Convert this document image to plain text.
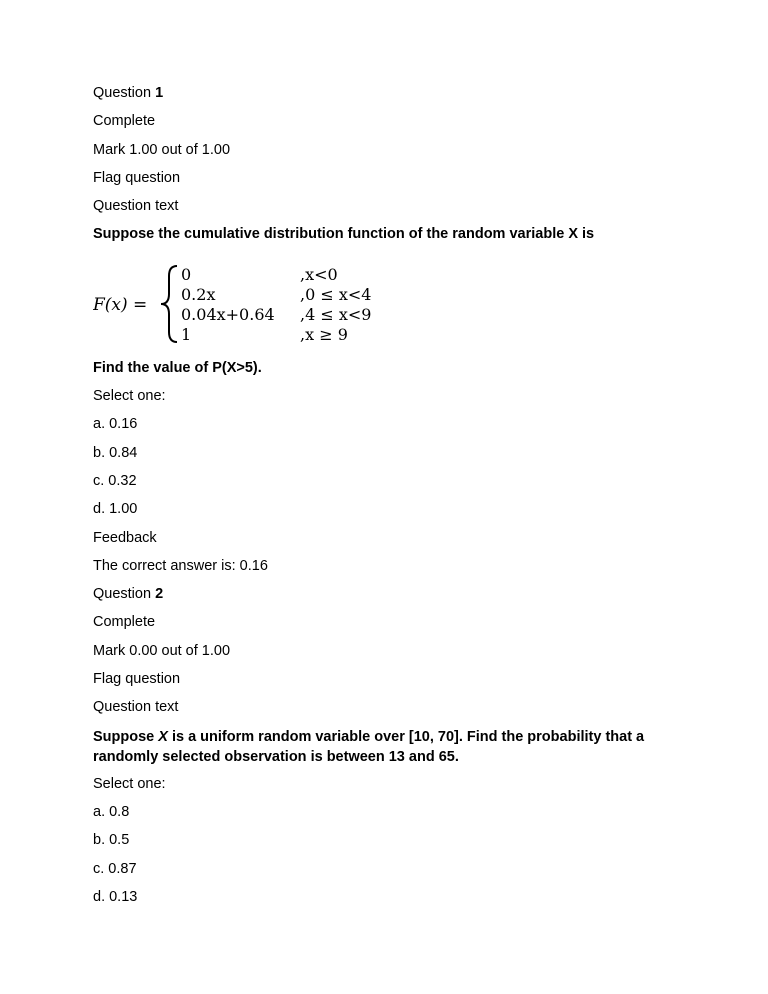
Question 1
Complete
Mark 1.00 out of 1.00
Flag question
Question text
Suppose the cumulative distribution function of the random variable X is
F(x) =
0
0.2x
0.04x+0.64
1
,x<0
,0 ≤ x<4
,4 ≤ x<9
,x ≥ 9
Find the value of P(X>5).
Select one:
a. 0.16
b. 0.84
c. 0.32
d. 1.00
Feedback
The correct answer is: 0.16
Question 2
Complete
Mark 0.00 out of 1.00
Flag question
Question text
Suppose X is a uniform random variable over [10, 70]. Find the probability that a randomly selected observation is between 13 and 65.
Select one:
a. 0.8
b. 0.5
c. 0.87
d. 0.13
